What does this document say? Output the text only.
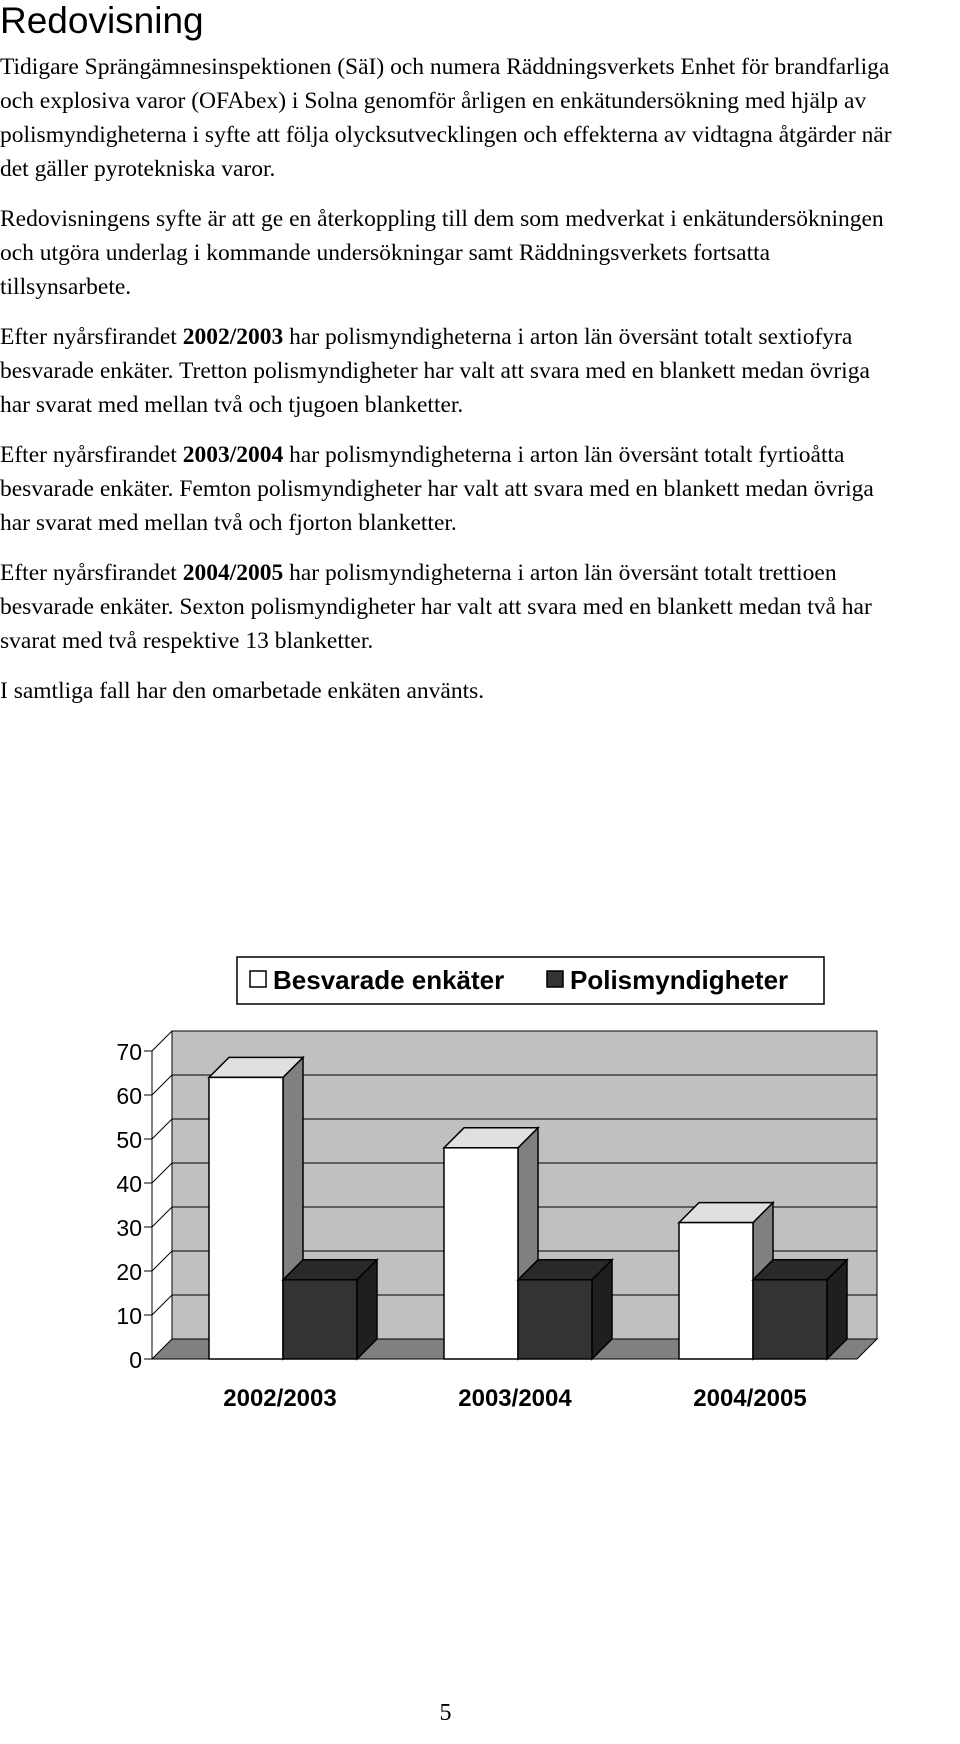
Redovisning

Tidigare Sprängämnesinspektionen (SäI) och numera Räddningsverkets Enhet för brandfarliga och explosiva varor (OFAbex) i Solna genomför årligen en enkätundersökning med hjälp av polismyndigheterna i syfte att följa olycksutvecklingen och effekterna av vidtagna åtgärder när det gäller pyrotekniska varor.

Redovisningens syfte är att ge en återkoppling till dem som medverkat i enkätundersökningen och utgöra underlag i kommande undersökningar samt Räddningsverkets fortsatta tillsynsarbete.

Efter nyårsfirandet 2002/2003 har polismyndigheterna i arton län översänt totalt sextiofyra besvarade enkäter. Tretton polismyndigheter har valt att svara med en blankett medan övriga har svarat med mellan två och tjugoen blanketter.

Efter nyårsfirandet 2003/2004 har polismyndigheterna i arton län översänt totalt fyrtioåtta besvarade enkäter. Femton polismyndigheter har valt att svara med en blankett medan övriga har svarat med mellan två och fjorton blanketter.

Efter nyårsfirandet 2004/2005 har polismyndigheterna i arton län översänt totalt trettioen besvarade enkäter. Sexton polismyndigheter har valt att svara med en blankett medan två har svarat med två respektive 13 blanketter.

I samtliga fall har den omarbetade enkäten använts.

Besvarade enkäter	Polismyndigheter
0
10
20
30
40
50
60
70
2002/2003	2003/2004	2004/2005
5
